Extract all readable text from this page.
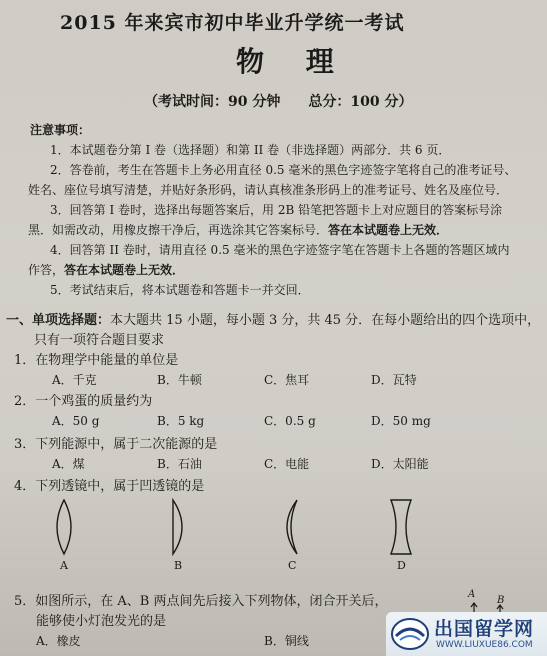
2015 年来宾市初中毕业升学统一考试
物 理
（考试时间：90 分钟　　总分：100 分）
注意事项：
1．本试题卷分第 I 卷（选择题）和第 II 卷（非选择题）两部分．共 6 页．
2．答卷前，考生在答题卡上务必用直径 0.5 毫米的黑色字迹签字笔将自己的准考证号、
姓名、座位号填写清楚，并贴好条形码，请认真核准条形码上的准考证号、姓名及座位号．
3．回答第 I 卷时，选择出每题答案后，用 2B 铅笔把答题卡上对应题目的答案标号涂
黑．如需改动，用橡皮擦干净后，再选涂其它答案标号．答在本试题卷上无效．
4．回答第 II 卷时，请用直径 0.5 毫米的黑色字迹签字笔在答题卡上各题的答题区域内
作答，答在本试题卷上无效．
5．考试结束后，将本试题卷和答题卡一并交回．
一、单项选择题：本大题共 15 小题，每小题 3 分，共 45 分．在每小题给出的四个选项中，
只有一项符合题目要求
1．在物理学中能量的单位是
A．千克	B．牛顿	C．焦耳	D．瓦特
2．一个鸡蛋的质量约为
A．50 g	B．5 kg	C．0.5 g	D．50 mg
3．下列能源中，属于二次能源的是
A．煤	B．石油	C．电能	D．太阳能
4．下列透镜中，属于凹透镜的是
A	B	C	D
5．如图所示，在 A、B 两点间先后接入下列物体，闭合开关后，
能够使小灯泡发光的是
A．橡皮	B．铜线
A
B
出国留学网
WWW.LIUXUE86.COM
